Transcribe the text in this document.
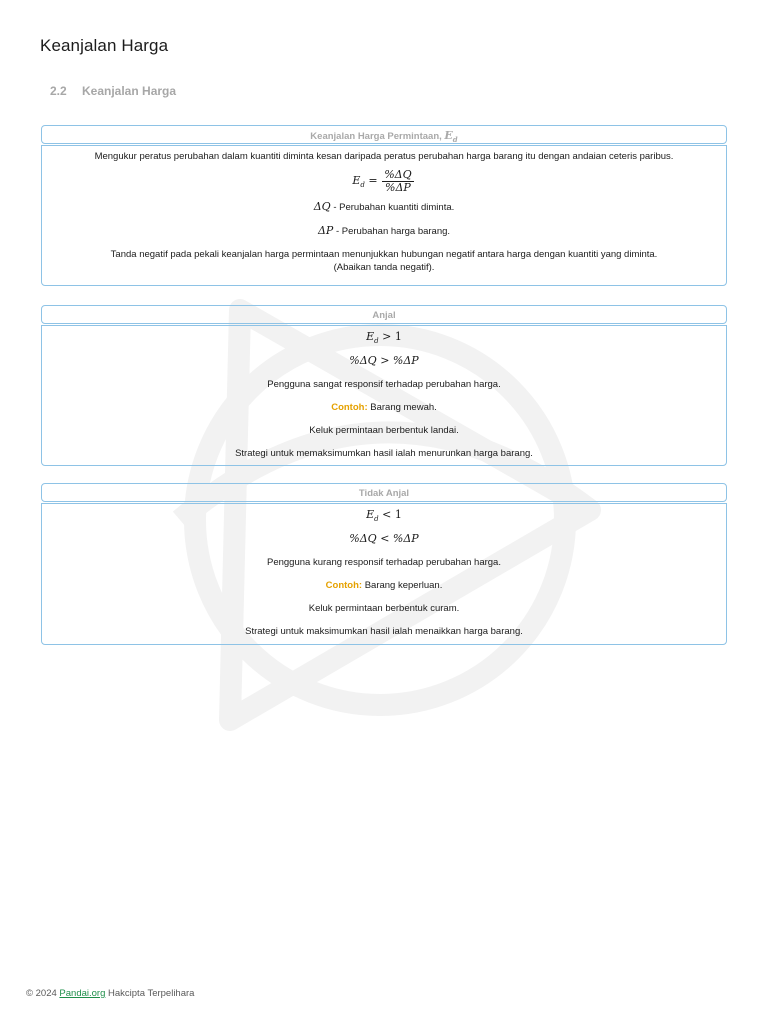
Keanjalan Harga
2.2 Keanjalan Harga
Keanjalan Harga Permintaan, $E_d$
Mengukur peratus perubahan dalam kuantiti diminta kesan daripada peratus perubahan harga barang itu dengan andaian ceteris paribus.
$E_d = \frac{\%\Delta Q}{\%\Delta P}$
ΔQ - Perubahan kuantiti diminta.
ΔP - Perubahan harga barang.
Tanda negatif pada pekali keanjalan harga permintaan menunjukkan hubungan negatif antara harga dengan kuantiti yang diminta.
(Abaikan tanda negatif).
Anjal
$E_d > 1$
%ΔQ > %ΔP
Pengguna sangat responsif terhadap perubahan harga.
Contoh: Barang mewah.
Keluk permintaan berbentuk landai.
Strategi untuk memaksimumkan hasil ialah menurunkan harga barang.
Tidak Anjal
$E_d < 1$
%ΔQ < %ΔP
Pengguna kurang responsif terhadap perubahan harga.
Contoh: Barang keperluan.
Keluk permintaan berbentuk curam.
Strategi untuk maksimumkan hasil ialah menaikkan harga barang.
© 2024 Pandai.org Hakcipta Terpelihara
